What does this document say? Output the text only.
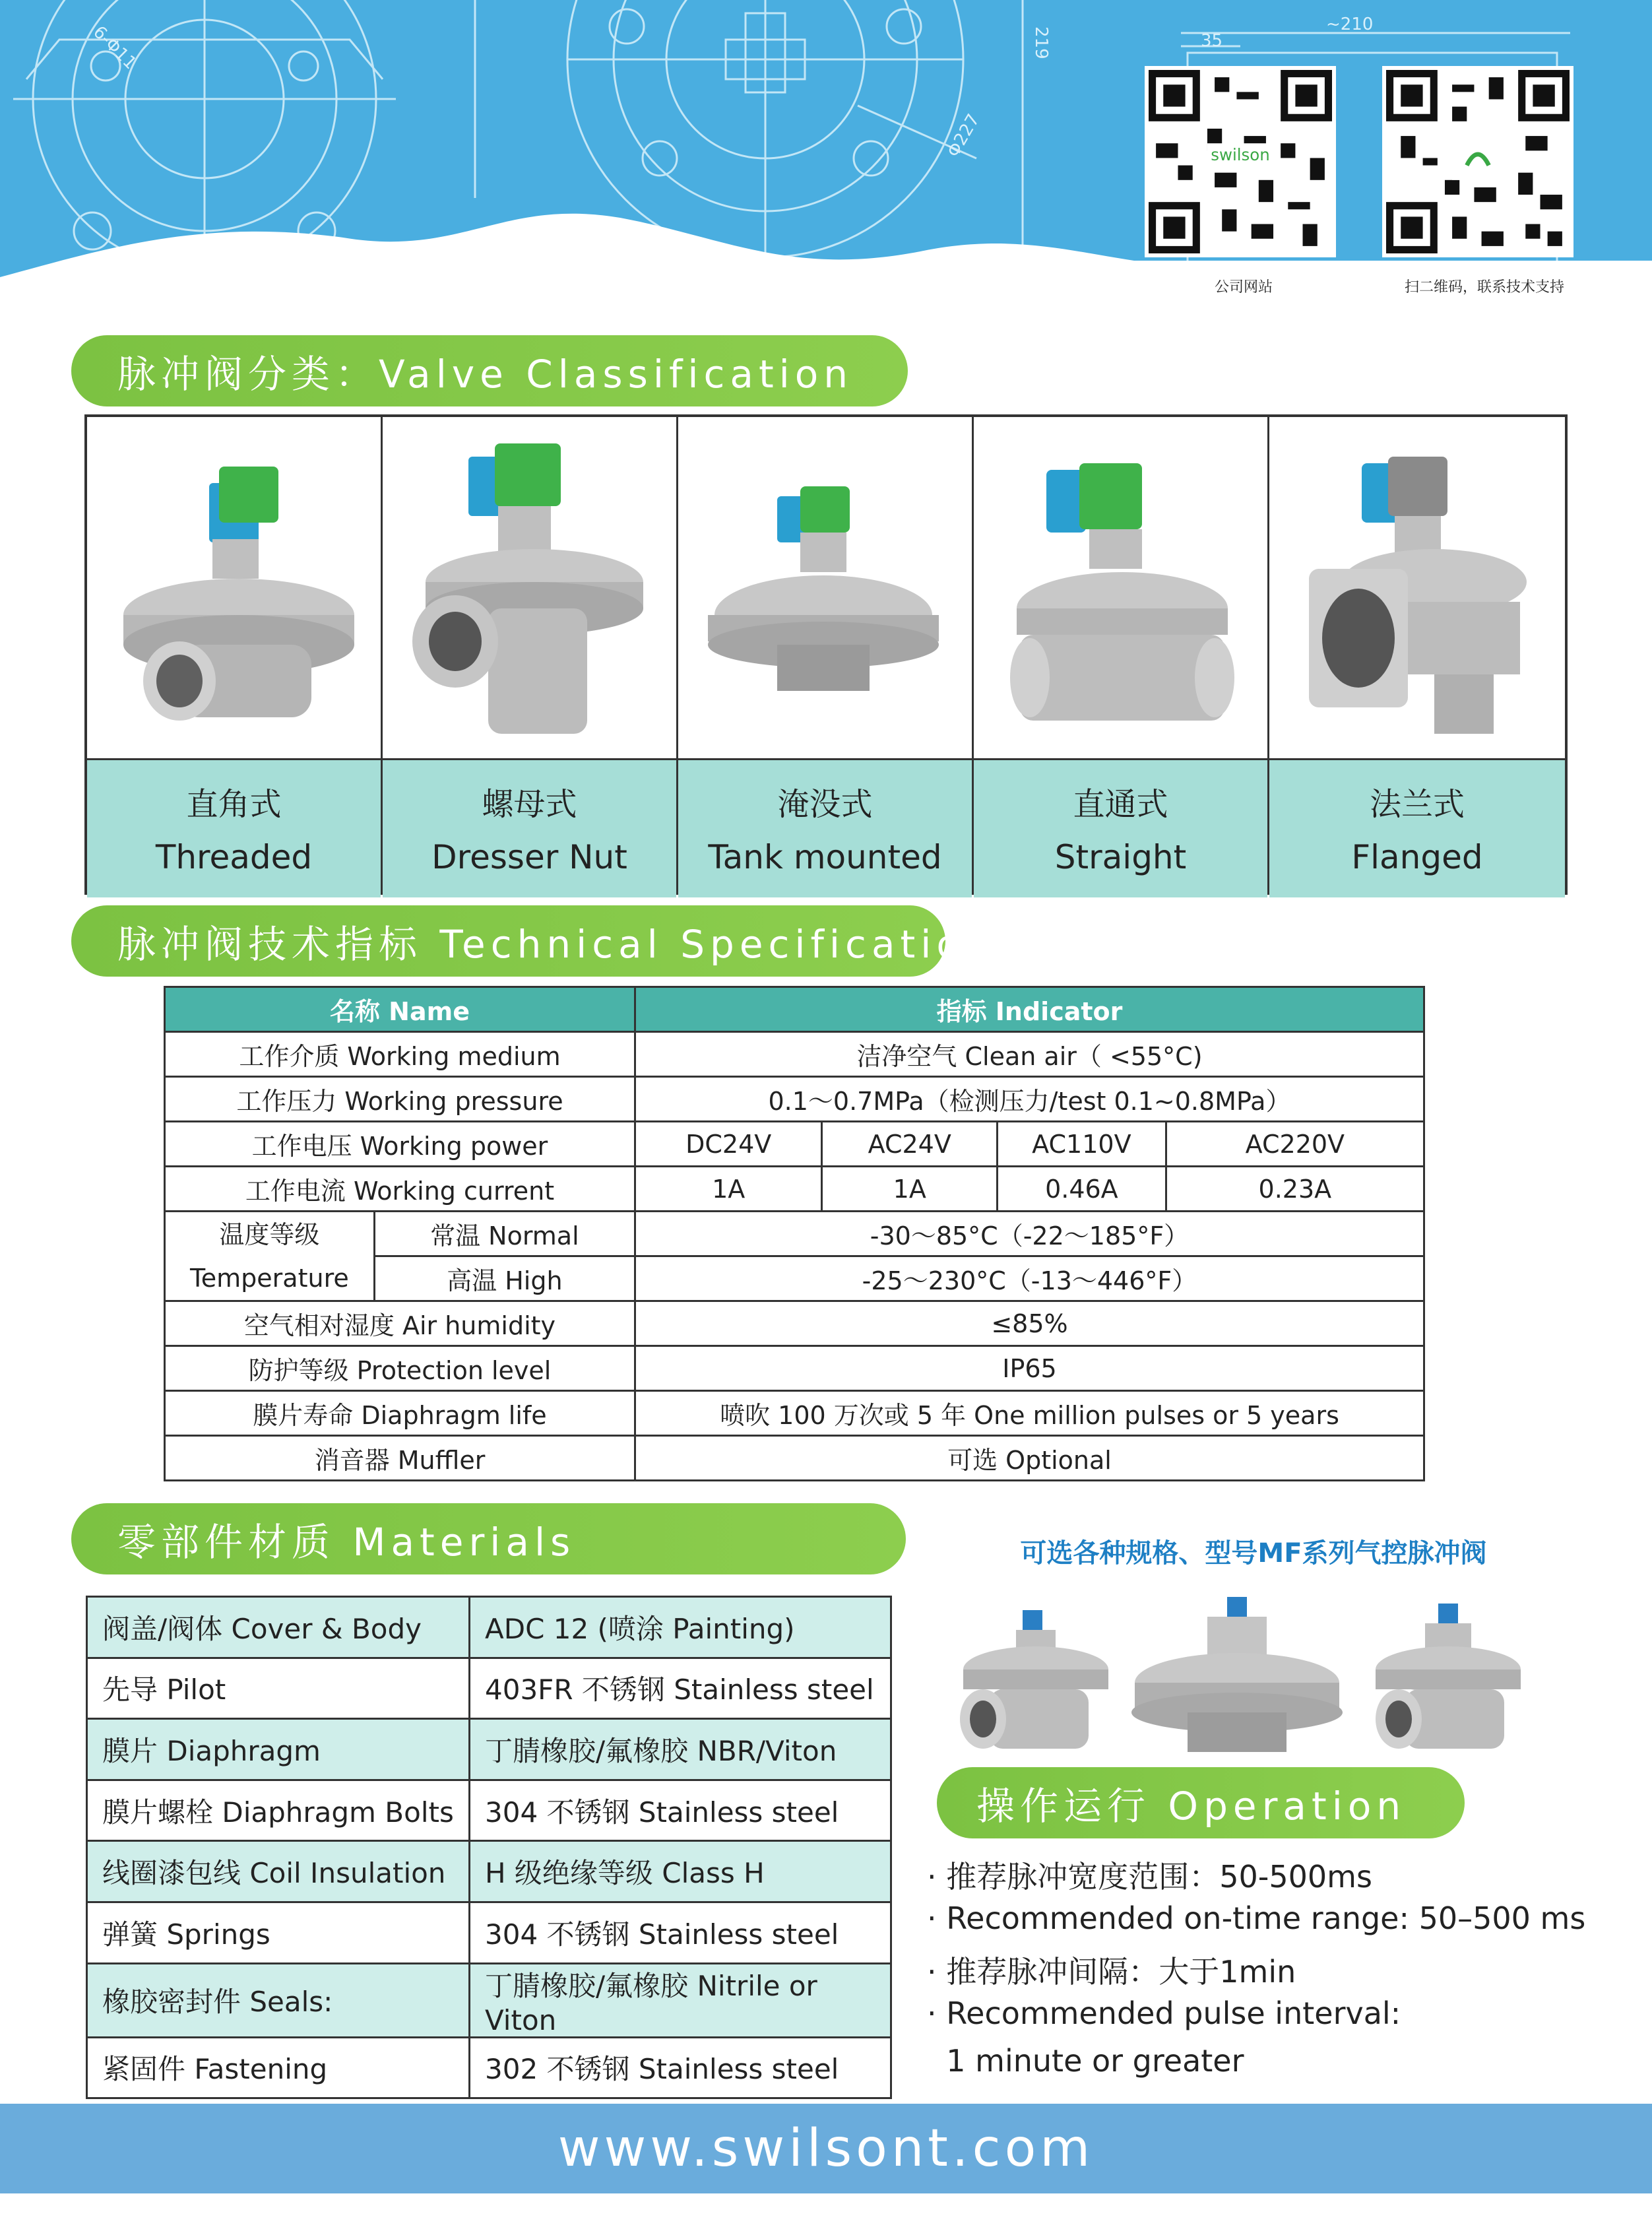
6-Φ11
Φ227
35
~210
219
swilson
公司网站	扫二维码，联系技术支持
脉冲阀分类：Valve Classification
直角式
Threaded
螺母式
Dresser Nut
淹没式
Tank mounted
直通式
Straight
法兰式
Flanged
脉冲阀技术指标 Technical Specification
名称 Name		指标 Indicator			
工作介质 Working medium		洁净空气 Clean air（ <55°C)			
工作压力 Working pressure		0.1～0.7MPa（检测压力/test 0.1~0.8MPa）			
工作电压 Working power		DC24V	AC24V	AC110V	AC220V
工作电流 Working current		1A	1A	0.46A	0.23A

温度等级
Temperature	常温 Normal	-30～85°C（-22～185°F）			
	高温 High	-25～230°C（-13～446°F）			
空气相对湿度 Air humidity		≤85%			
防护等级 Protection level		IP65			
膜片寿命 Diaphragm life		喷吹 100 万次或 5 年 One million pulses or 5 years			
消音器 Muffler		可选 Optional			
零部件材质 Materials
阀盖/阀体 Cover & Body	ADC 12 (喷涂 Painting)
先导 Pilot	403FR 不锈钢 Stainless steel
膜片 Diaphragm	丁腈橡胶/氟橡胶 NBR/Viton
膜片螺栓 Diaphragm Bolts	304 不锈钢 Stainless steel
线圈漆包线 Coil Insulation	H 级绝缘等级 Class H
弹簧 Springs	304 不锈钢 Stainless steel
橡胶密封件 Seals:	丁腈橡胶/氟橡胶 Nitrile or Viton
紧固件 Fastening	302 不锈钢 Stainless steel
可选各种规格、型号MF系列气控脉冲阀
操作运行 Operation
· 推荐脉冲宽度范围：50-500ms
· Recommended on-time range: 50–500 ms
· 推荐脉冲间隔：大于1min
· Recommended pulse interval:
1 minute or greater
www.swilsont.com
